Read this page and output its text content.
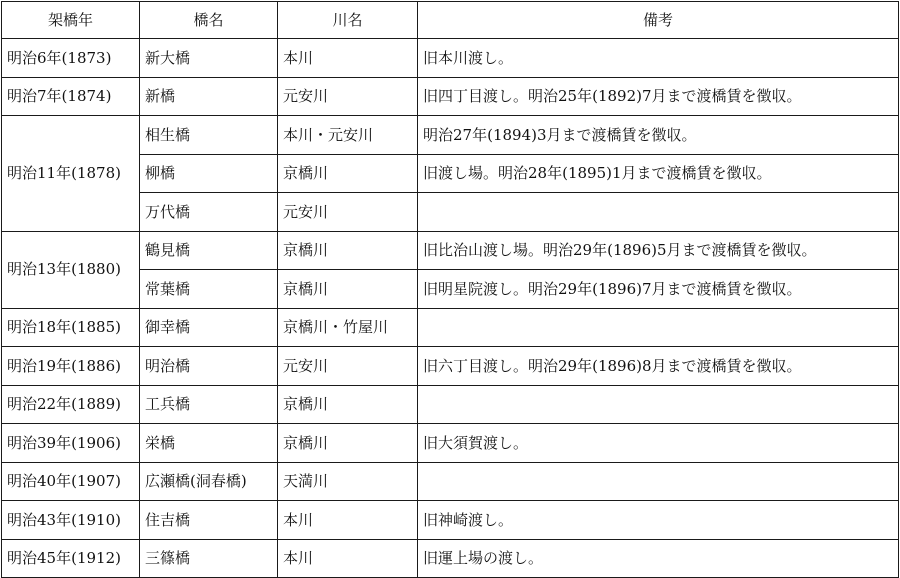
架橋年	橋名	川名	備考
明治6年(1873)	新大橋	本川	旧本川渡し。
明治7年(1874)	新橋	元安川	旧四丁目渡し。明治25年(1892)7月まで渡橋賃を徴収。
明治11年(1878)	相生橋	本川・元安川	明治27年(1894)3月まで渡橋賃を徴収。
	柳橋	京橋川	旧渡し場。明治28年(1895)1月まで渡橋賃を徴収。
	万代橋	元安川	
明治13年(1880)	鶴見橋	京橋川	旧比治山渡し場。明治29年(1896)5月まで渡橋賃を徴収。
	常葉橋	京橋川	旧明星院渡し。明治29年(1896)7月まで渡橋賃を徴収。
明治18年(1885)	御幸橋	京橋川・竹屋川	
明治19年(1886)	明治橋	元安川	旧六丁目渡し。明治29年(1896)8月まで渡橋賃を徴収。
明治22年(1889)	工兵橋	京橋川	
明治39年(1906)	栄橋	京橋川	旧大須賀渡し。
明治40年(1907)	広瀬橋(洞春橋)	天満川	
明治43年(1910)	住吉橋	本川	旧神崎渡し。
明治45年(1912)	三篠橋	本川	旧運上場の渡し。
